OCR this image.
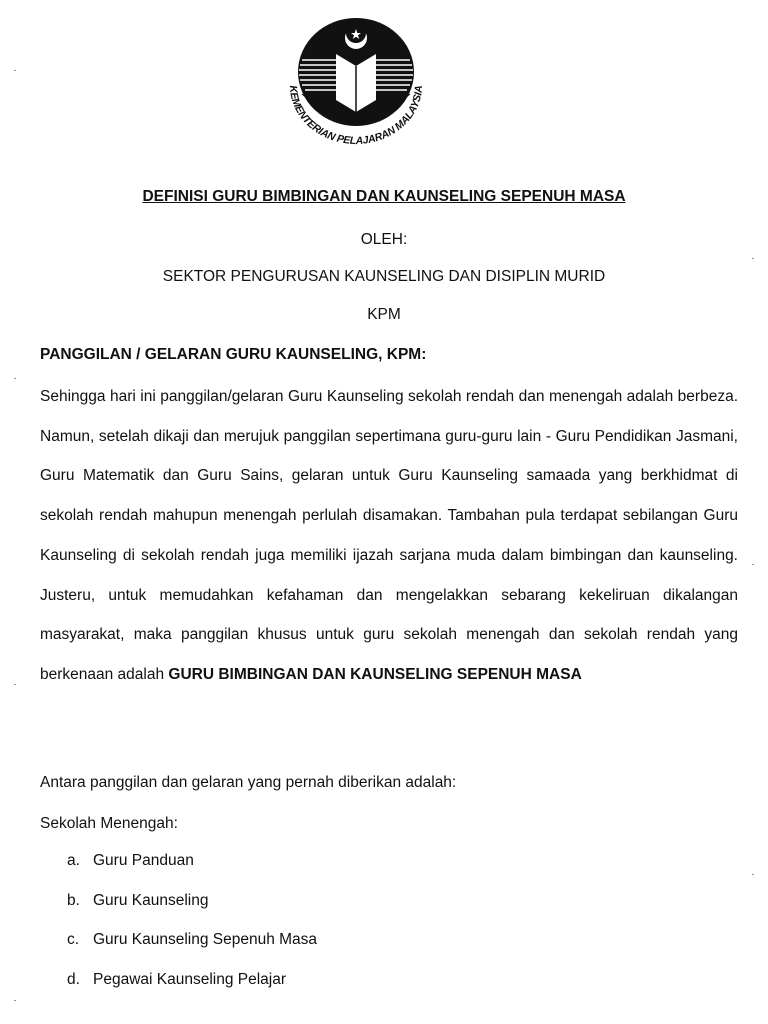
KEMENTERIAN PELAJARAN MALAYSIA
DEFINISI GURU BIMBINGAN DAN KAUNSELING SEPENUH MASA
OLEH:
SEKTOR PENGURUSAN KAUNSELING DAN DISIPLIN MURID
KPM
PANGGILAN / GELARAN GURU KAUNSELING, KPM:

Sehingga hari ini panggilan/gelaran Guru Kaunseling sekolah rendah dan menengah adalah berbeza. Namun, setelah dikaji dan merujuk panggilan sepertimana guru-guru lain - Guru Pendidikan Jasmani, Guru Matematik dan Guru Sains, gelaran untuk Guru Kaunseling samaada yang berkhidmat di sekolah rendah mahupun menengah perlulah disamakan. Tambahan pula terdapat sebilangan Guru Kaunseling di sekolah rendah juga memiliki ijazah sarjana muda dalam bimbingan dan kaunseling. Justeru, untuk memudahkan kefahaman dan mengelakkan sebarang kekeliruan dikalangan masyarakat, maka panggilan khusus untuk guru sekolah menengah dan sekolah rendah yang berkenaan adalah GURU BIMBINGAN DAN KAUNSELING SEPENUH MASA

Antara panggilan dan gelaran yang pernah diberikan adalah:
Sekolah Menengah:
a. Guru Panduan
b. Guru Kaunseling
c. Guru Kaunseling Sepenuh Masa
d. Pegawai Kaunseling Pelajar
